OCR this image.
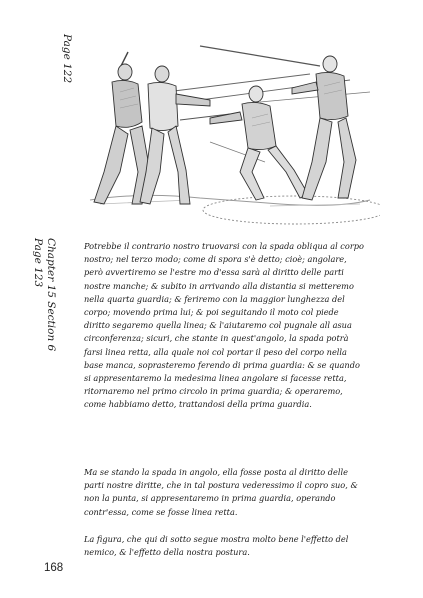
Page 122
Chapter 15 Section 6
Page 123	Potrebbe il contrario nostro truovarsi con la spada obliqua al corpo nostro; nel terzo modo; come di spora s'è detto; cioè; angolare, però avvertiremo se l'estre mo d'essa sarà al diritto delle parti nostre manche; & subito in arrivando alla distantia si metteremo nella quarta guardia; & feriremo con la maggior lunghezza del corpo; movendo prima lui; & poi seguitando il moto col piede diritto segaremo quella linea; & l'aiutaremo col pugnale all asua circonferenza; sicuri, che stante in quest'angolo, la spada potrà farsi linea retta, alla quale noi col portar il peso del corpo nella base manca, soprasteremo ferendo di prima guardia: & se quando si appresentaremo la medesima linea angolare si facesse retta, ritornaremo nel primo circolo in prima guardia; & operaremo, come habbiamo detto, trattandosi della prima guardia.

Ma se stando la spada in angolo, ella fosse posta al diritto delle parti nostre diritte, che in tal postura vederessimo il copro suo, & non la punta, si appresentaremo in prima guardia, operando contr'essa, come se fosse linea retta.

La figura, che qui di sotto segue mostra molto bene l'effetto del nemico, & l'effetto della nostra postura.

168
